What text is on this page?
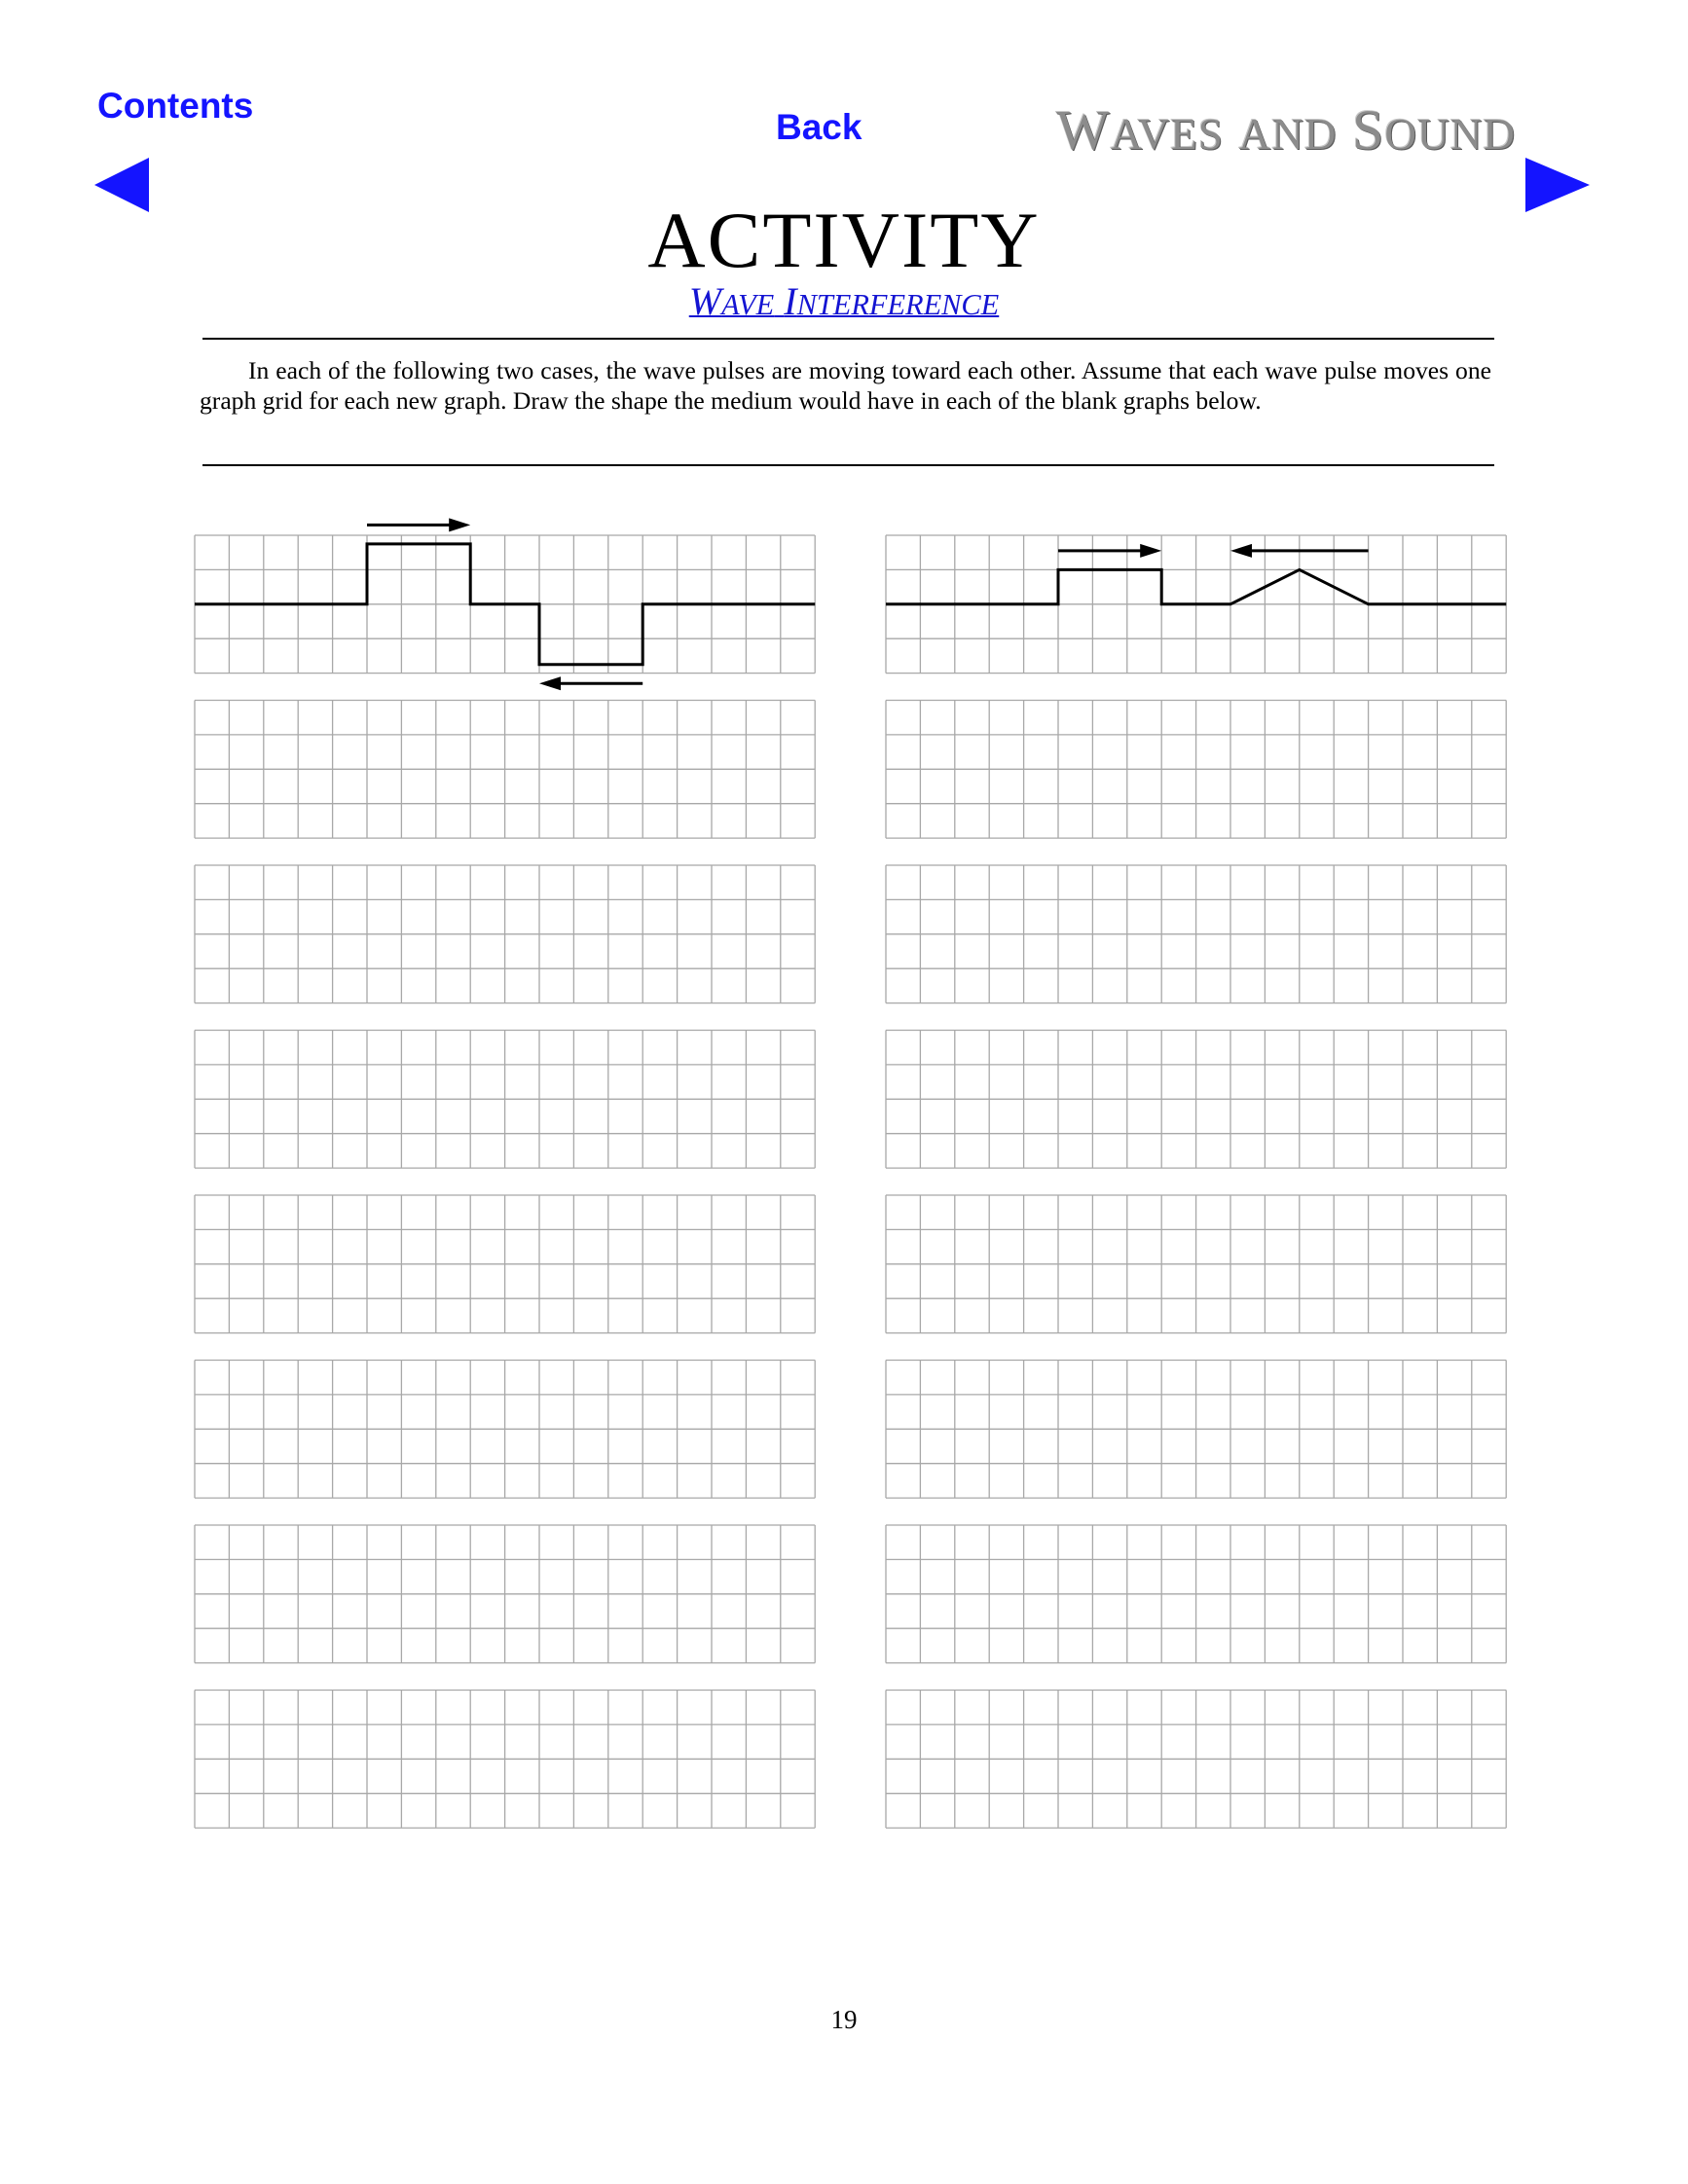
Contents
Back	WAVES AND SOUND
ACTIVITY
WAVE INTERFERENCE

In each of the following two cases, the wave pulses are moving toward each other. Assume that each wave pulse moves one graph grid for each new graph. Draw the shape the medium would have in each of the blank graphs below.

19
